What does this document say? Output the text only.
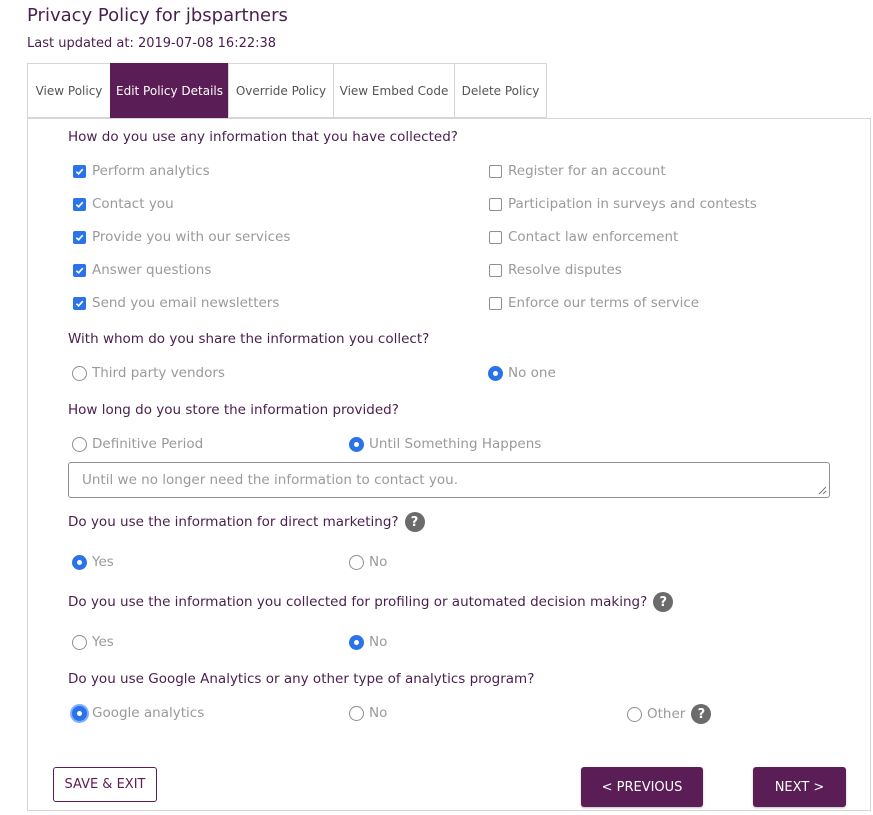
Privacy Policy for jbspartners
Last updated at: 2019-07-08 16:22:38
View Policy	Edit Policy Details	Override Policy	View Embed Code	Delete Policy
How do you use any information that you have collected?
Perform analytics
Contact you
Provide you with our services
Answer questions
Send you email newsletters
Register for an account
Participation in surveys and contests
Contact law enforcement
Resolve disputes
Enforce our terms of service
With whom do you share the information you collect?
Third party vendors	No one
How long do you store the information provided?
Definitive Period	Until Something Happens
Until we no longer need the information to contact you.
Do you use the information for direct marketing? ?
Yes	No
Do you use the information you collected for profiling or automated decision making? ?
Yes	No
Do you use Google Analytics or any other type of analytics program?
Google analytics	No	Other ?
SAVE & EXIT	< PREVIOUS	NEXT >
